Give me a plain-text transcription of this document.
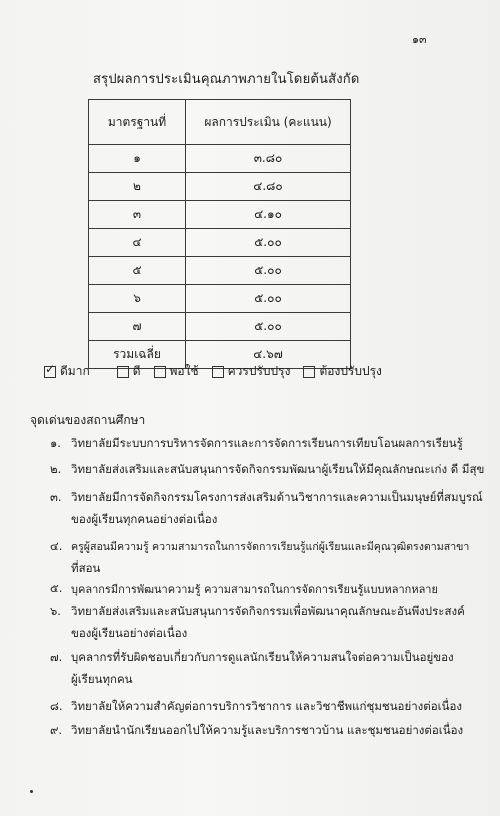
๑๓
สรุปผลการประเมินคุณภาพภายในโดยต้นสังกัด
มาตรฐานที่	ผลการประเมิน (คะแนน)
๑	๓.๘๐
๒	๔.๘๐
๓	๔.๑๐
๔	๕.๐๐
๕	๕.๐๐
๖	๕.๐๐
๗	๕.๐๐
รวมเฉลี่ย	๔.๖๗
✓
ดีมาก	ดี พอใช้ ควรปรับปรุง ต้องปรับปรุง
จุดเด่นของสถานศึกษา
๑. วิทยาลัยมีระบบการบริหารจัดการและการจัดการเรียนการเทียบโอนผลการเรียนรู้
๒. วิทยาลัยส่งเสริมและสนับสนุนการจัดกิจกรรมพัฒนาผู้เรียนให้มีคุณลักษณะเก่ง ดี มีสุข
๓. วิทยาลัยมีการจัดกิจกรรมโครงการส่งเสริมด้านวิชาการและความเป็นมนุษย์ที่สมบูรณ์
ของผู้เรียนทุกคนอย่างต่อเนื่อง
๔. ครูผู้สอนมีความรู้ ความสามารถในการจัดการเรียนรู้แก่ผู้เรียนและมีคุณวุฒิตรงตามสาขา
ที่สอน
๕. บุคลากรมีการพัฒนาความรู้ ความสามารถในการจัดการเรียนรู้แบบหลากหลาย
๖. วิทยาลัยส่งเสริมและสนับสนุนการจัดกิจกรรมเพื่อพัฒนาคุณลักษณะอันพึงประสงค์
ของผู้เรียนอย่างต่อเนื่อง
๗. บุคลากรที่รับผิดชอบเกี่ยวกับการดูแลนักเรียนให้ความสนใจต่อความเป็นอยู่ของ
ผู้เรียนทุกคน
๘. วิทยาลัยให้ความสำคัญต่อการบริการวิชาการ และวิชาชีพแก่ชุมชนอย่างต่อเนื่อง
๙. วิทยาลัยนำนักเรียนออกไปให้ความรู้และบริการชาวบ้าน และชุมชนอย่างต่อเนื่อง
